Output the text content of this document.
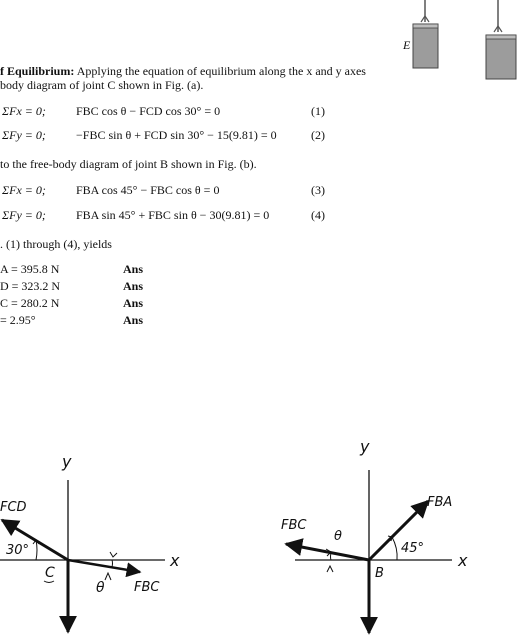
E
f Equilibrium: Applying the equation of equilibrium along the x and y axes
body diagram of joint C shown in Fig. (a).
ΣFx = 0;	FBC cos θ − FCD cos 30° = 0	(1)
ΣFy = 0;	−FBC sin θ + FCD sin 30° − 15(9.81) = 0	(2)
to the free-body diagram of joint B shown in Fig. (b).
ΣFx = 0;	FBA cos 45° − FBC cos θ = 0	(3)
ΣFy = 0;	FBA sin 45° + FBC sin θ − 30(9.81) = 0	(4)
. (1) through (4), yields
A = 395.8 N	Ans
D = 323.2 N	Ans
C = 280.2 N	Ans
= 2.95°	Ans
y
x
FCD
30°
C
θ FBC
y
x
FBC
θ
FBA
45°
B
